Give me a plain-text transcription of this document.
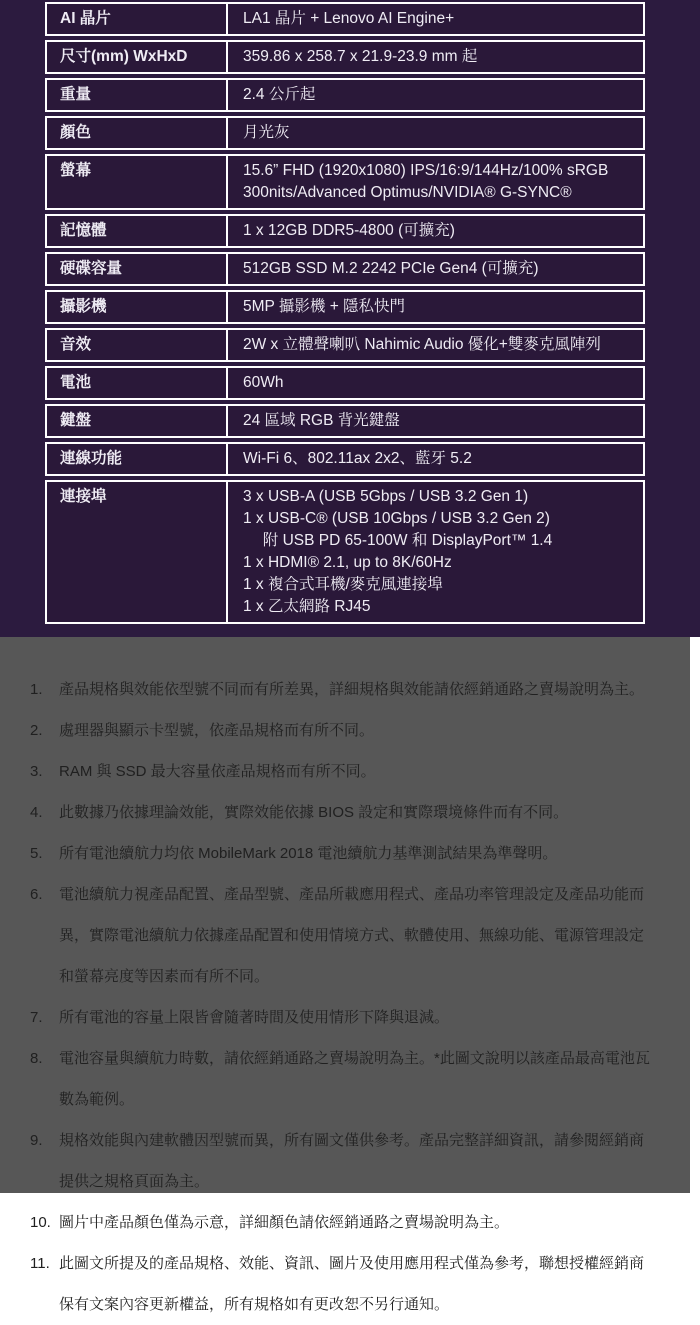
AI 晶片	LA1 晶片 + Lenovo AI Engine+
尺寸(mm) WxHxD	359.86 x 258.7 x 21.9-23.9 mm 起
重量	2.4 公斤起
顏色	月光灰
螢幕	15.6” FHD (1920x1080) IPS/16:9/144Hz/100% sRGB
300nits/Advanced Optimus/NVIDIA® G-SYNC®
記憶體	1 x 12GB DDR5-4800 (可擴充)
硬碟容量	512GB SSD M.2 2242 PCIe Gen4 (可擴充)
攝影機	5MP 攝影機 + 隱私快門
音效	2W x 立體聲喇叭 Nahimic Audio 優化+雙麥克風陣列
電池	60Wh
鍵盤	24 區域 RGB 背光鍵盤
連線功能	Wi-Fi 6、802.11ax 2x2、藍牙 5.2
連接埠	3 x USB-A (USB 5Gbps / USB 3.2 Gen 1)
1 x USB-C® (USB 10Gbps / USB 3.2 Gen 2)
　 附 USB PD 65-100W 和 DisplayPort™ 1.4
1 x HDMI® 2.1, up to 8K/60Hz
1 x 複合式耳機/麥克風連接埠
1 x 乙太網路 RJ45
1.	產品規格與效能依型號不同而有所差異，詳細規格與效能請依經銷通路之賣場說明為主。
2.	處理器與顯示卡型號，依產品規格而有所不同。
3.	RAM 與 SSD 最大容量依產品規格而有所不同。
4.	此數據乃依據理論效能，實際效能依據 BIOS 設定和實際環境條件而有不同。
5.	所有電池續航力均依 MobileMark 2018 電池續航力基準測試結果為準聲明。
6.	電池續航力視產品配置、產品型號、產品所載應用程式、產品功率管理設定及產品功能而異，實際電池續航力依據產品配置和使用情境方式、軟體使用、無線功能、電源管理設定和螢幕亮度等因素而有所不同。
7.	所有電池的容量上限皆會隨著時間及使用情形下降與退減。
8.	電池容量與續航力時數，請依經銷通路之賣場說明為主。*此圖文說明以該產品最高電池瓦數為範例。
9.	規格效能與內建軟體因型號而異，所有圖文僅供參考。產品完整詳細資訊，請參閱經銷商提供之規格頁面為主。
10. 圖片中產品顏色僅為示意，詳細顏色請依經銷通路之賣場說明為主。
11. 此圖文所提及的產品規格、效能、資訊、圖片及使用應用程式僅為參考，聯想授權經銷商保有文案內容更新權益，所有規格如有更改恕不另行通知。
